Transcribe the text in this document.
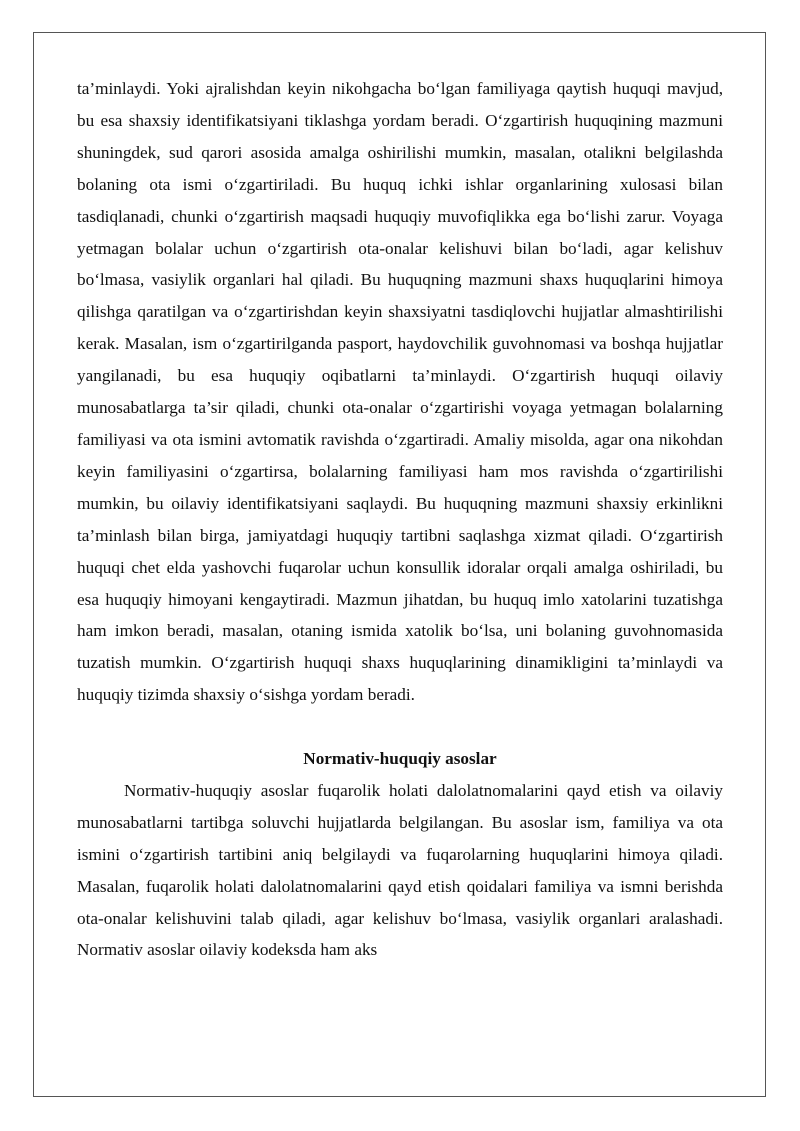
ta’minlaydi. Yoki ajralishdan keyin nikohgacha bo‘lgan familiyaga qaytish huquqi mavjud, bu esa shaxsiy identifikatsiyani tiklashga yordam beradi. O‘zgartirish huquqining mazmuni shuningdek, sud qarori asosida amalga oshirilishi mumkin, masalan, otalikni belgilashda bolaning ota ismi o‘zgartiriladi. Bu huquq ichki ishlar organlarining xulosasi bilan tasdiqlanadi, chunki o‘zgartirish maqsadi huquqiy muvofiqlikka ega bo‘lishi zarur. Voyaga yetmagan bolalar uchun o‘zgartirish ota-onalar kelishuvi bilan bo‘ladi, agar kelishuv bo‘lmasa, vasiylik organlari hal qiladi. Bu huquqning mazmuni shaxs huquqlarini himoya qilishga qaratilgan va o‘zgartirishdan keyin shaxsiyatni tasdiqlovchi hujjatlar almashtirilishi kerak. Masalan, ism o‘zgartirilganda pasport, haydovchilik guvohnomasi va boshqa hujjatlar yangilanadi, bu esa huquqiy oqibatlarni ta’minlaydi. O‘zgartirish huquqi oilaviy munosabatlarga ta’sir qiladi, chunki ota-onalar o‘zgartirishi voyaga yetmagan bolalarning familiyasi va ota ismini avtomatik ravishda o‘zgartiradi. Amaliy misolda, agar ona nikohdan keyin familiyasini o‘zgartirsa, bolalarning familiyasi ham mos ravishda o‘zgartirilishi mumkin, bu oilaviy identifikatsiyani saqlaydi. Bu huquqning mazmuni shaxsiy erkinlikni ta’minlash bilan birga, jamiyatdagi huquqiy tartibni saqlashga xizmat qiladi. O‘zgartirish huquqi chet elda yashovchi fuqarolar uchun konsullik idoralar orqali amalga oshiriladi, bu esa huquqiy himoyani kengaytiradi. Mazmun jihatdan, bu huquq imlo xatolarini tuzatishga ham imkon beradi, masalan, otaning ismida xatolik bo‘lsa, uni bolaning guvohnomasida tuzatish mumkin. O‘zgartirish huquqi shaxs huquqlarining dinamikligini ta’minlaydi va huquqiy tizimda shaxsiy o‘sishga yordam beradi.

Normativ-huquqiy asoslar

Normativ-huquqiy asoslar fuqarolik holati dalolatnomalarini qayd etish va oilaviy munosabatlarni tartibga soluvchi hujjatlarda belgilangan. Bu asoslar ism, familiya va ota ismini o‘zgartirish tartibini aniq belgilaydi va fuqarolarning huquqlarini himoya qiladi. Masalan, fuqarolik holati dalolatnomalarini qayd etish qoidalari familiya va ismni berishda ota-onalar kelishuvini talab qiladi, agar kelishuv bo‘lmasa, vasiylik organlari aralashadi. Normativ asoslar oilaviy kodeksda ham aks
